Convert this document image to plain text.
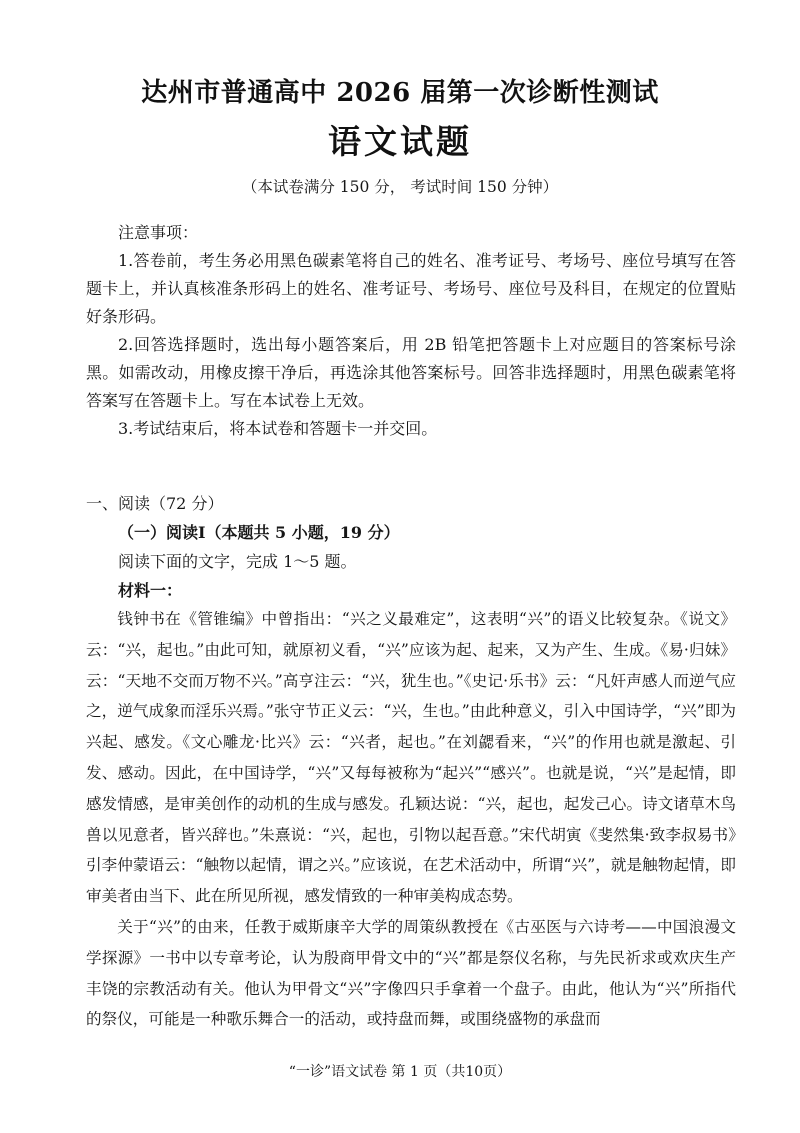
达州市普通高中 2026 届第一次诊断性测试
语文试题
（本试卷满分 150 分， 考试时间 150 分钟）

注意事项：

1.答卷前，考生务必用黑色碳素笔将自己的姓名、准考证号、考场号、座位号填写在答题卡上，并认真核准条形码上的姓名、准考证号、考场号、座位号及科目，在规定的位置贴好条形码。

2.回答选择题时，选出每小题答案后，用 2B 铅笔把答题卡上对应题目的答案标号涂黑。如需改动，用橡皮擦干净后，再选涂其他答案标号。回答非选择题时，用黑色碳素笔将答案写在答题卡上。写在本试卷上无效。

3.考试结束后，将本试卷和答题卡一并交回。

一、阅读（72 分）

（一）阅读I（本题共 5 小题，19 分）

阅读下面的文字，完成 1～5 题。

材料一：

钱钟书在《管锥编》中曾指出：“兴之义最难定”，这表明“兴”的语义比较复杂。《说文》云：“兴，起也。”由此可知，就原初义看，“兴”应该为起、起来，又为产生、生成。《易·归妹》云：“天地不交而万物不兴。”高亨注云：“兴，犹生也。”《史记·乐书》云：“凡奸声感人而逆气应之，逆气成象而淫乐兴焉。”张守节正义云：“兴，生也。”由此种意义，引入中国诗学，“兴”即为兴起、感发。《文心雕龙·比兴》云：“兴者，起也。”在刘勰看来，“兴”的作用也就是激起、引发、感动。因此，在中国诗学，“兴”又每每被称为“起兴”“感兴”。也就是说，“兴”是起情，即感发情感，是审美创作的动机的生成与感发。孔颖达说：“兴，起也，起发己心。诗文诸草木鸟兽以见意者，皆兴辞也。”朱熹说：“兴，起也，引物以起吾意。”宋代胡寅《斐然集·致李叔易书》引李仲蒙语云：“触物以起情，谓之兴。”应该说，在艺术活动中，所谓“兴”，就是触物起情，即审美者由当下、此在所见所视，感发情致的一种审美构成态势。

关于“兴”的由来，任教于威斯康辛大学的周策纵教授在《古巫医与六诗考——中国浪漫文学探源》一书中以专章考论，认为殷商甲骨文中的“兴”都是祭仪名称，与先民祈求或欢庆生产丰饶的宗教活动有关。他认为甲骨文“兴”字像四只手拿着一个盘子。由此，他认为“兴”所指代的祭仪，可能是一种歌乐舞合一的活动，或持盘而舞，或围绕盛物的承盘而

“一诊”语文试卷 第 1 页（共10页）
